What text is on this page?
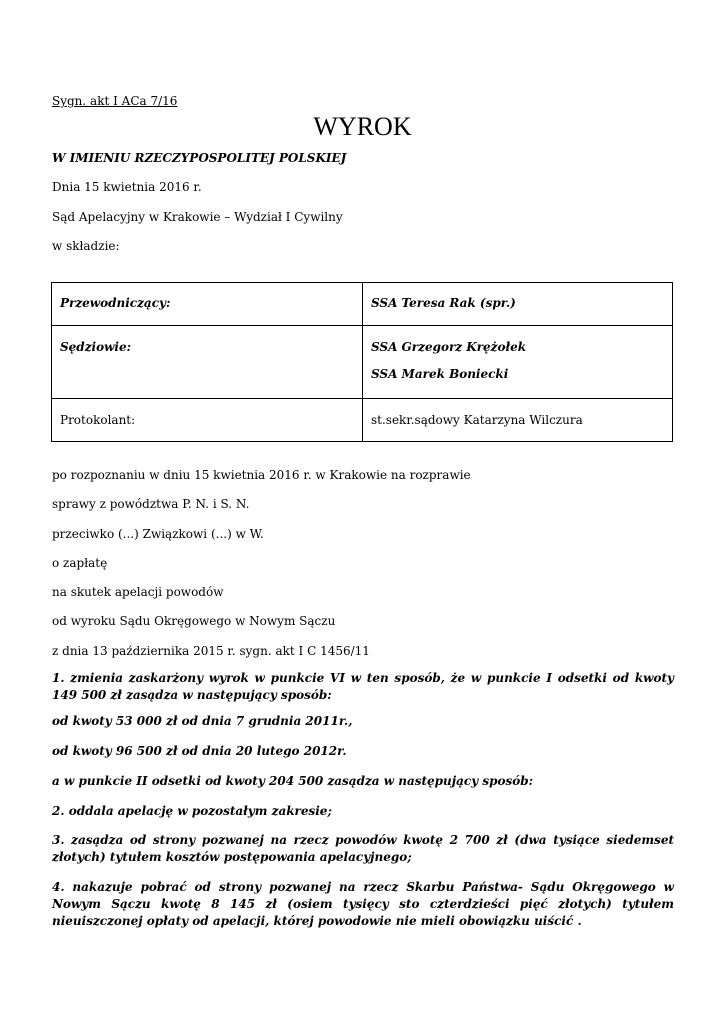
Sygn. akt I ACa 7/16
WYROK
W IMIENIU RZECZYPOSPOLITEJ POLSKIEJ
Dnia 15 kwietnia 2016 r.
Sąd Apelacyjny w Krakowie – Wydział I Cywilny
w składzie:
Przewodniczący:	SSA Teresa Rak (spr.)

Sędziowie:	SSA Grzegorz Krężołek
SSA Marek Boniecki

Protokolant:	st.sekr.sądowy Katarzyna Wilczura
po rozpoznaniu w dniu 15 kwietnia 2016 r. w Krakowie na rozprawie
sprawy z powództwa P. N. i S. N.
przeciwko (...) Związkowi (...) w W.
o zapłatę
na skutek apelacji powodów
od wyroku Sądu Okręgowego w Nowym Sączu
z dnia 13 października 2015 r. sygn. akt I C 1456/11
1. zmienia zaskarżony wyrok w punkcie VI w ten sposób, że w punkcie I odsetki od kwoty 149 500 zł zasądza w następujący sposób:
od kwoty 53 000 zł od dnia 7 grudnia 2011r.,
od kwoty 96 500 zł od dnia 20 lutego 2012r.
a w punkcie II odsetki od kwoty 204 500 zasądza w następujący sposób:
2. oddala apelację w pozostałym zakresie;
3. zasądza od strony pozwanej na rzecz powodów kwotę 2 700 zł (dwa tysiące siedemset złotych) tytułem kosztów postępowania apelacyjnego;
4. nakazuje pobrać od strony pozwanej na rzecz Skarbu Państwa- Sądu Okręgowego w Nowym Sączu kwotę 8 145 zł (osiem tysięcy sto czterdzieści pięć złotych) tytułem nieuiszczonej opłaty od apelacji, której powodowie nie mieli obowiązku uiścić .
